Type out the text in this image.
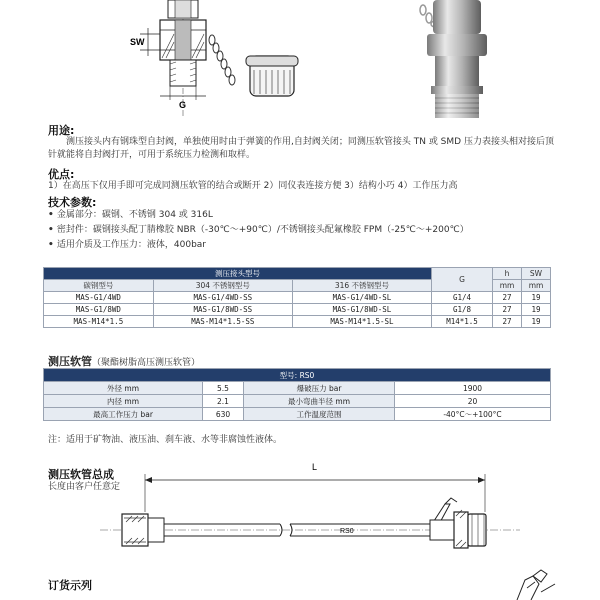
SW
G
用途:
测压接头内有钢珠型自封阀，单独使用时由于弹簧的作用,自封阀关闭；同测压软管接头 TN 或 SMD 压力表接头相对接后顶针就能将自封阀打开，可用于系统压力检测和取样。
优点:
1）在高压下仅用手即可完成同测压软管的结合或断开 2）同仪表连接方便 3）结构小巧 4）工作压力高
技术参数:
• 金属部分：碳钢、不锈钢 304 或 316L
• 密封件：碳钢接头配丁腈橡胶 NBR（-30℃～+90℃）/不锈钢接头配氟橡胶 FPM（-25℃～+200℃）
• 适用介质及工作压力：液体，400bar
测压接头型号			G	h	SW
碳钢型号	304 不锈钢型号	316 不锈钢型号		mm	mm
MAS-G1/4WD	MAS-G1/4WD-SS	MAS-G1/4WD-SL	G1/4	27	19
MAS-G1/8WD	MAS-G1/8WD-SS	MAS-G1/8WD-SL	G1/8	27	19
MAS-M14*1.5	MAS-M14*1.5-SS	MAS-M14*1.5-SL	M14*1.5	27	19
测压软管（聚酯树脂高压测压软管）
型号: RS0			
外径 mm	5.5	爆破压力 bar	1900
内径 mm	2.1	最小弯曲半径 mm	20
最高工作压力 bar	630	工作温度范围	-40°C～+100°C
注：适用于矿物油、液压油、刹车液、水等非腐蚀性液体。
测压软管总成
长度由客户任意定
L
RS0
订货示列
